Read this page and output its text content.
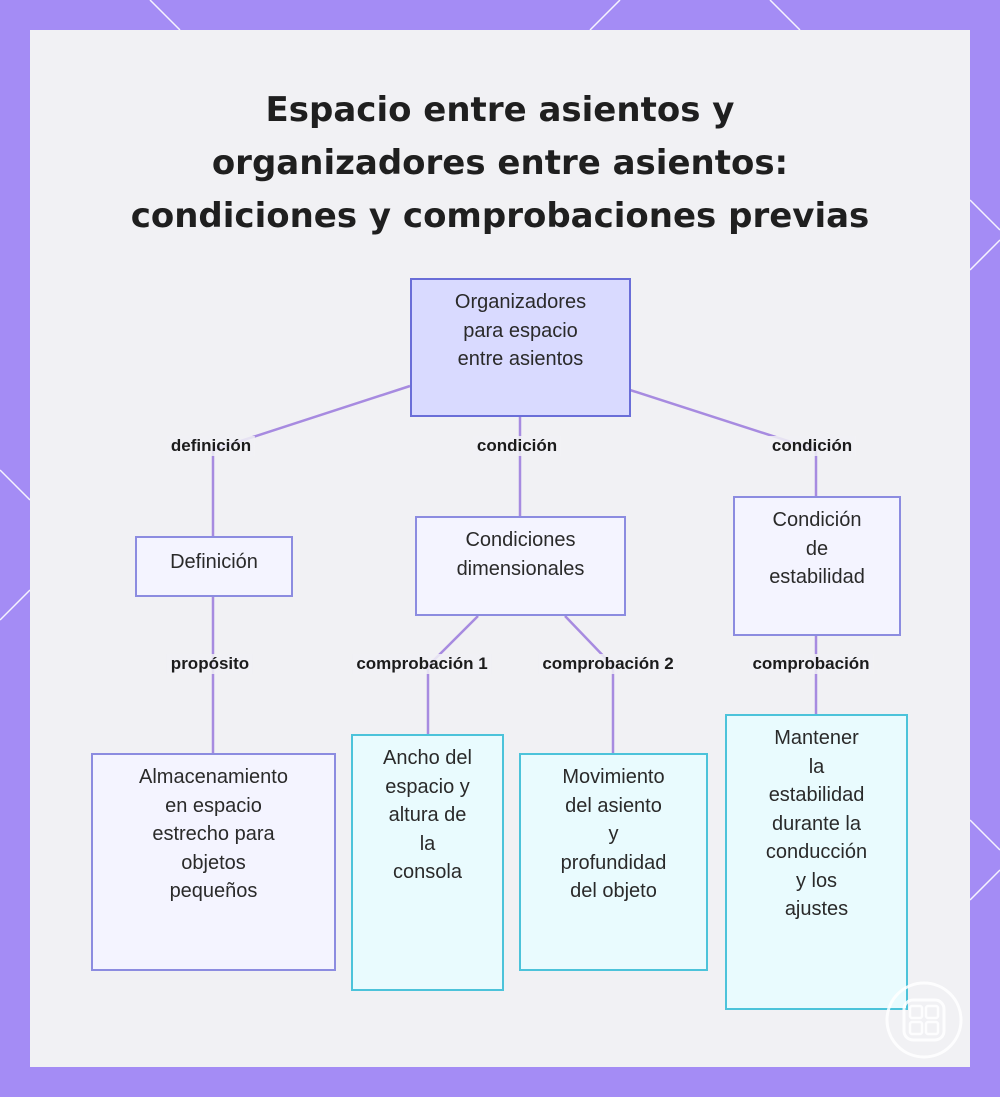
Espacio entre asientos y
organizadores entre asientos:
condiciones y comprobaciones previas
Organizadores
para espacio
entre asientos
Definición
Condiciones
dimensionales
Condición
de
estabilidad
Almacenamiento
en espacio
estrecho para
objetos
pequeños
Ancho del
espacio y
altura de
la
consola
Movimiento
del asiento
y
profundidad
del objeto
Mantener
la
estabilidad
durante la
conducción
y los
ajustes
definición	condición	condición
propósito	comprobación 1	comprobación 2	comprobación
